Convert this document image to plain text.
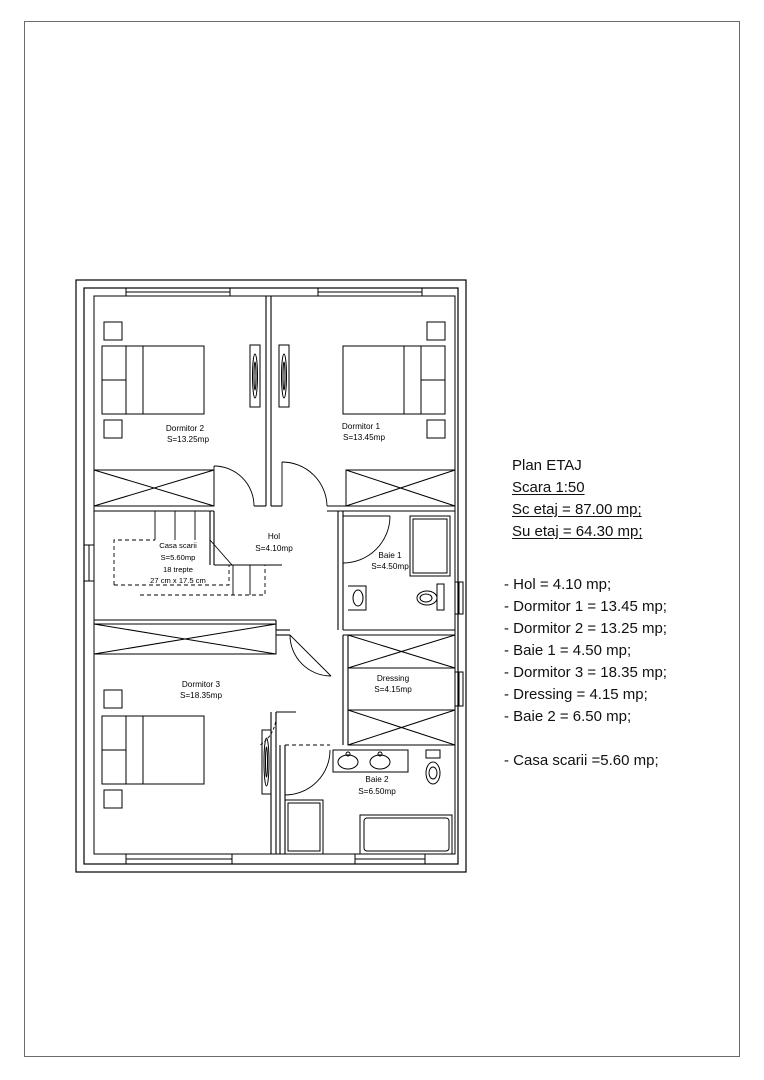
Dormitor 2
S=13.25mp
Dormitor 1
S=13.45mp
Hol
S=4.10mp
Casa scarii
S=5.60mp
18 trepte
27 cm x 17.5 cm
Baie 1
S=4.50mp
Dormitor 3
S=18.35mp
Dressing
S=4.15mp
Baie 2
S=6.50mp
Plan ETAJ
Scara 1:50
Sc etaj = 87.00 mp;
Su etaj = 64.30 mp;
- Hol = 4.10 mp;
- Dormitor 1 = 13.45 mp;
- Dormitor 2 = 13.25 mp;
- Baie 1 = 4.50 mp;
- Dormitor 3 = 18.35 mp;
- Dressing = 4.15 mp;
- Baie 2 = 6.50 mp;
- Casa scarii =5.60 mp;
